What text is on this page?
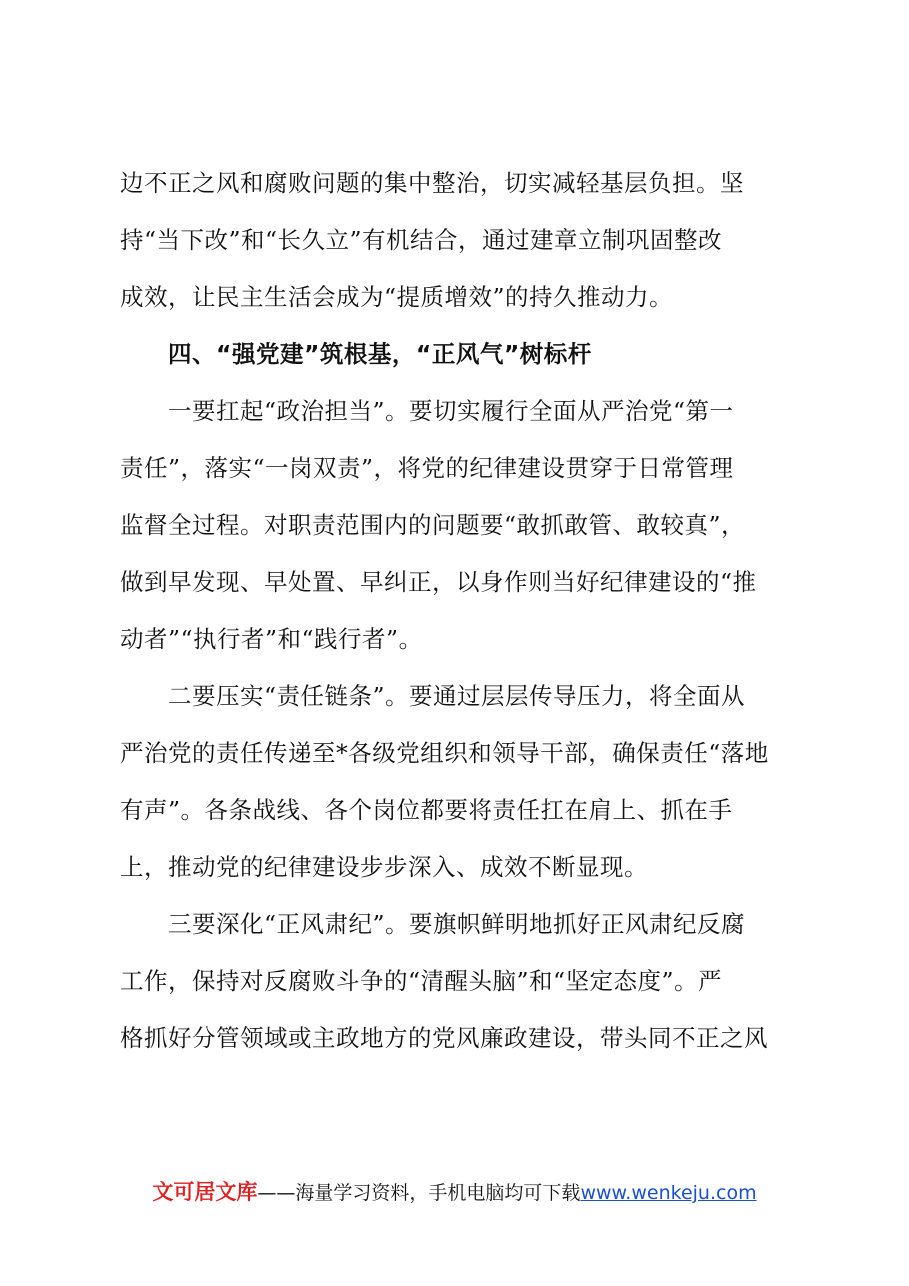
边不正之风和腐败问题的集中整治，切实减轻基层负担。坚
持“当下改”和“长久立”有机结合，通过建章立制巩固整改
成效，让民主生活会成为“提质增效”的持久推动力。
四、“强党建”筑根基，“正风气”树标杆
一要扛起“政治担当”。要切实履行全面从严治党“第一
责任”，落实“一岗双责”，将党的纪律建设贯穿于日常管理
监督全过程。对职责范围内的问题要“敢抓敢管、敢较真”，
做到早发现、早处置、早纠正，以身作则当好纪律建设的“推
动者”“执行者”和“践行者”。
二要压实“责任链条”。要通过层层传导压力，将全面从
严治党的责任传递至*各级党组织和领导干部，确保责任“落地
有声”。各条战线、各个岗位都要将责任扛在肩上、抓在手
上，推动党的纪律建设步步深入、成效不断显现。
三要深化“正风肃纪”。要旗帜鲜明地抓好正风肃纪反腐
工作，保持对反腐败斗争的“清醒头脑”和“坚定态度”。严
格抓好分管领域或主政地方的党风廉政建设，带头同不正之风
文可居文库——海量学习资料，手机电脑均可下载www.wenkeju.com
